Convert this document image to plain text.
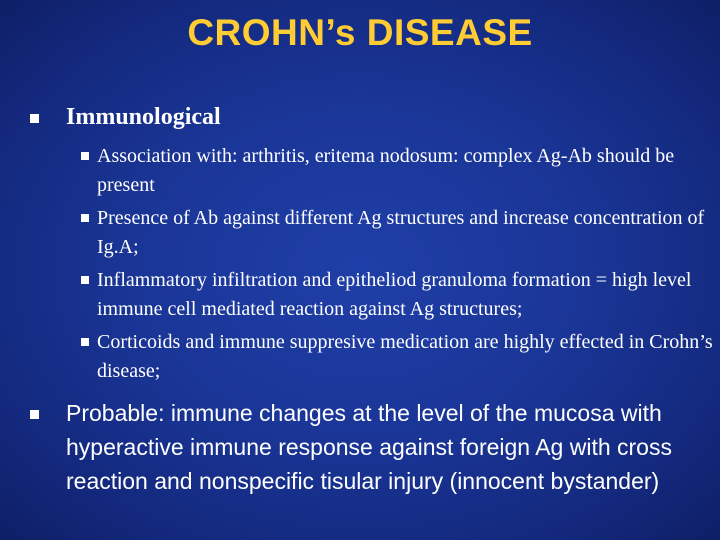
CROHN’s DISEASE
Immunological
Association with: arthritis, eritema nodosum: complex Ag-Ab should be present
Presence of Ab against different Ag structures and increase concentration of Ig.A;
Inflammatory infiltration and epitheliod granuloma formation = high level immune cell mediated reaction against Ag structures;
Corticoids and immune suppresive medication are highly effected in Crohn’s disease;
Probable: immune changes at the level of the mucosa with hyperactive immune response against foreign Ag with cross reaction and nonspecific tisular injury (innocent bystander)
